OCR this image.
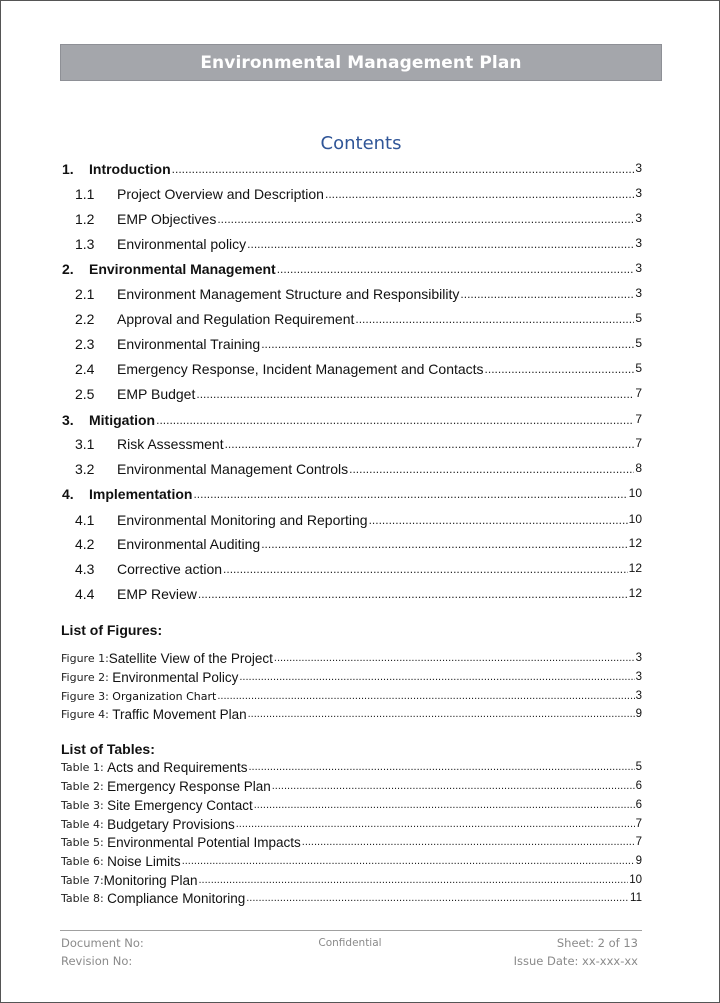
Environmental Management Plan
Contents
1.	Introduction .....	3
1.1	Project Overview and Description .....	3
1.2	EMP Objectives .....	3
1.3	Environmental policy .....	3
2.	Environmental Management .....	3
2.1	Environment Management Structure and Responsibility .....	3
2.2	Approval and Regulation Requirement .....	5
2.3	Environmental Training .....	5
2.4	Emergency Response, Incident Management and Contacts .....	5
2.5	EMP Budget .....	7
3.	Mitigation .....	7
3.1	Risk Assessment .....	7
3.2	Environmental Management Controls .....	8
4.	Implementation .....	10
4.1	Environmental Monitoring and Reporting .....	10
4.2	Environmental Auditing .....	12
4.3	Corrective action .....	12
4.4	EMP Review .....	12
List of Figures:
Figure 1: Satellite View of the Project .....	3
Figure 2: Environmental Policy .....	3
Figure 3: Organization Chart .....	3
Figure 4: Traffic Movement Plan .....	9
List of Tables:
Table 1: Acts and Requirements .....	5
Table 2: Emergency Response Plan .....	6
Table 3: Site Emergency Contact .....	6
Table 4: Budgetary Provisions .....	7
Table 5: Environmental Potential Impacts .....	7
Table 6: Noise Limits .....	9
Table 7: Monitoring Plan .....	10
Table 8: Compliance Monitoring .....	11
Document No:
Revision No:
Confidential	Sheet: 2 of 13
Issue Date: xx-xxx-xx
